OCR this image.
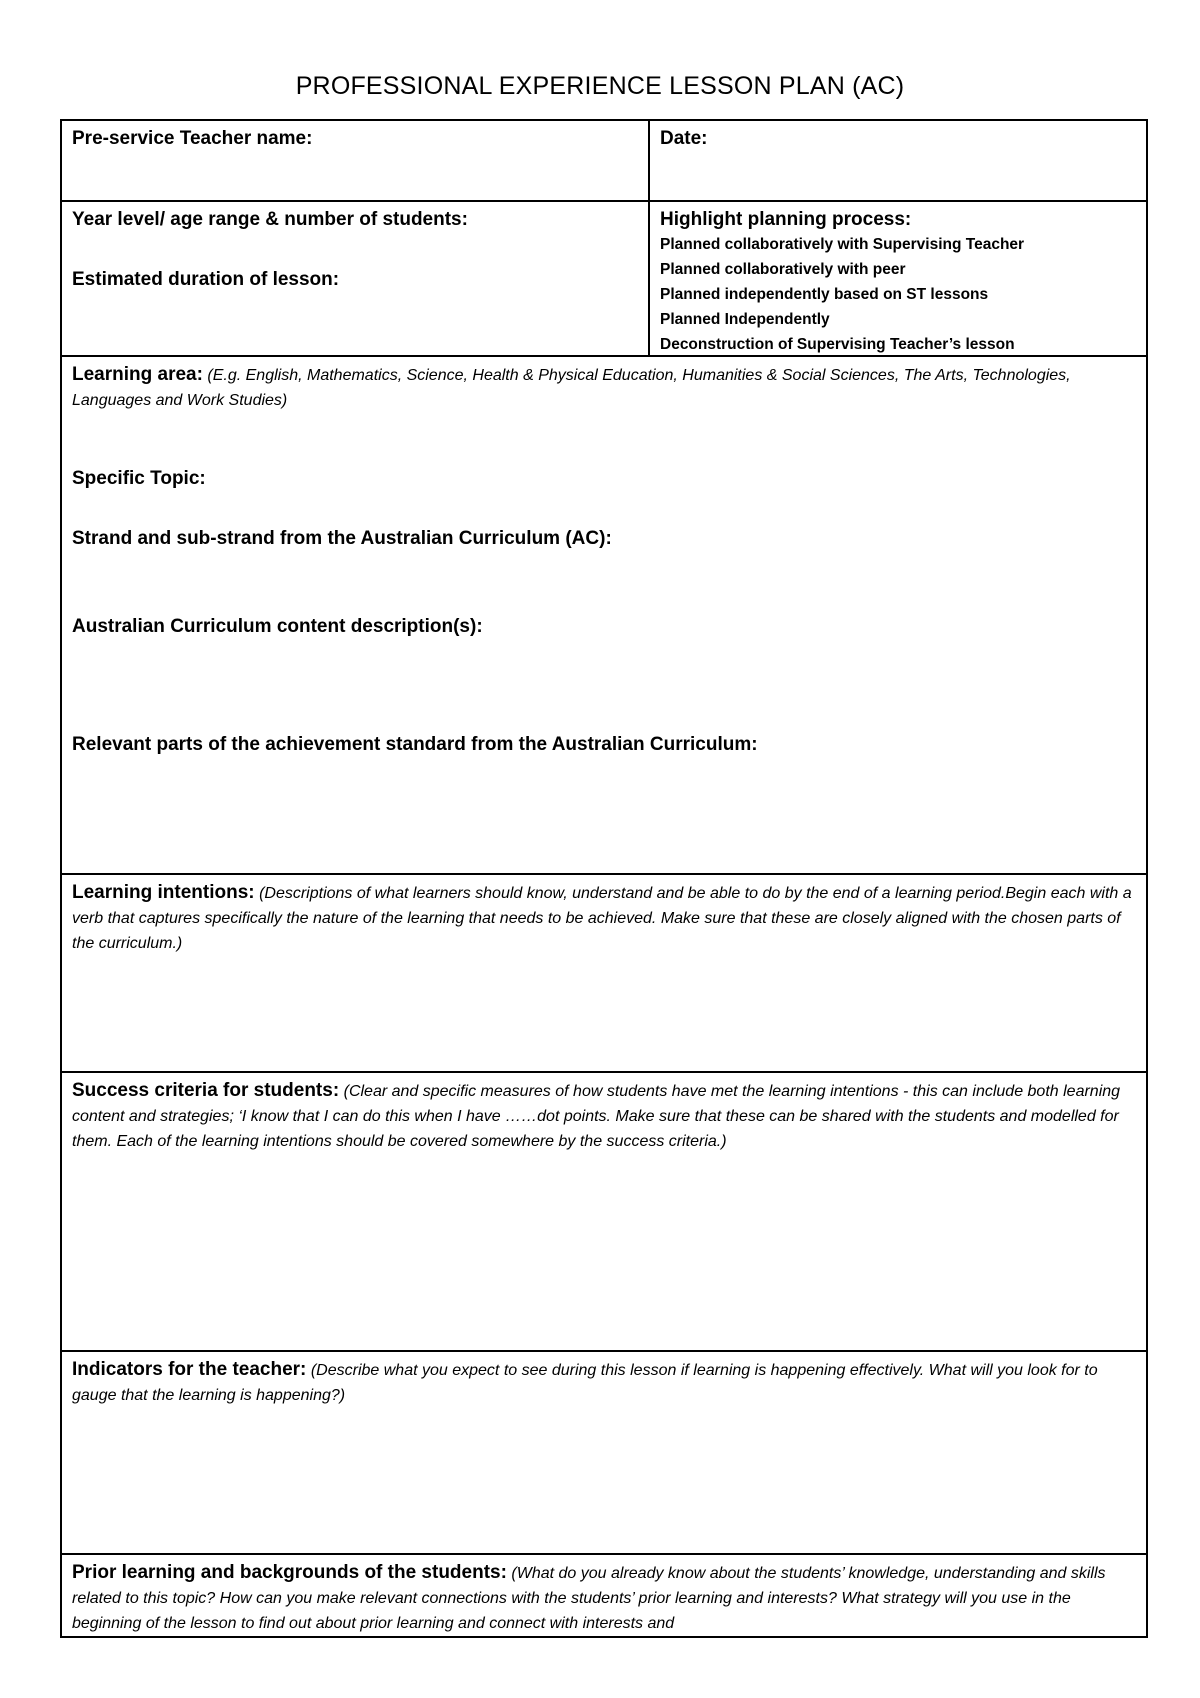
PROFESSIONAL EXPERIENCE LESSON PLAN (AC)
Pre-service Teacher name:	Date:
Year level/ age range & number of students:
Estimated duration of lesson:
Highlight planning process:
Planned collaboratively with Supervising Teacher
Planned collaboratively with peer
Planned independently based on ST lessons
Planned Independently
Deconstruction of Supervising Teacher’s lesson
Learning area: (E.g. English, Mathematics, Science, Health & Physical Education, Humanities & Social Sciences, The Arts, Technologies, Languages and Work Studies)
Specific Topic:
Strand and sub-strand from the Australian Curriculum (AC):
Australian Curriculum content description(s):
Relevant parts of the achievement standard from the Australian Curriculum:
Learning intentions: (Descriptions of what learners should know, understand and be able to do by the end of a learning period.Begin each with a verb that captures specifically the nature of the learning that needs to be achieved. Make sure that these are closely aligned with the chosen parts of the curriculum.)
Success criteria for students: (Clear and specific measures of how students have met the learning intentions - this can include both learning content and strategies; ‘I know that I can do this when I have ……dot points. Make sure that these can be shared with the students and modelled for them. Each of the learning intentions should be covered somewhere by the success criteria.)
Indicators for the teacher: (Describe what you expect to see during this lesson if learning is happening effectively. What will you look for to gauge that the learning is happening?)
Prior learning and backgrounds of the students: (What do you already know about the students’ knowledge, understanding and skills related to this topic? How can you make relevant connections with the students’ prior learning and interests? What strategy will you use in the beginning of the lesson to find out about prior learning and connect with interests and
